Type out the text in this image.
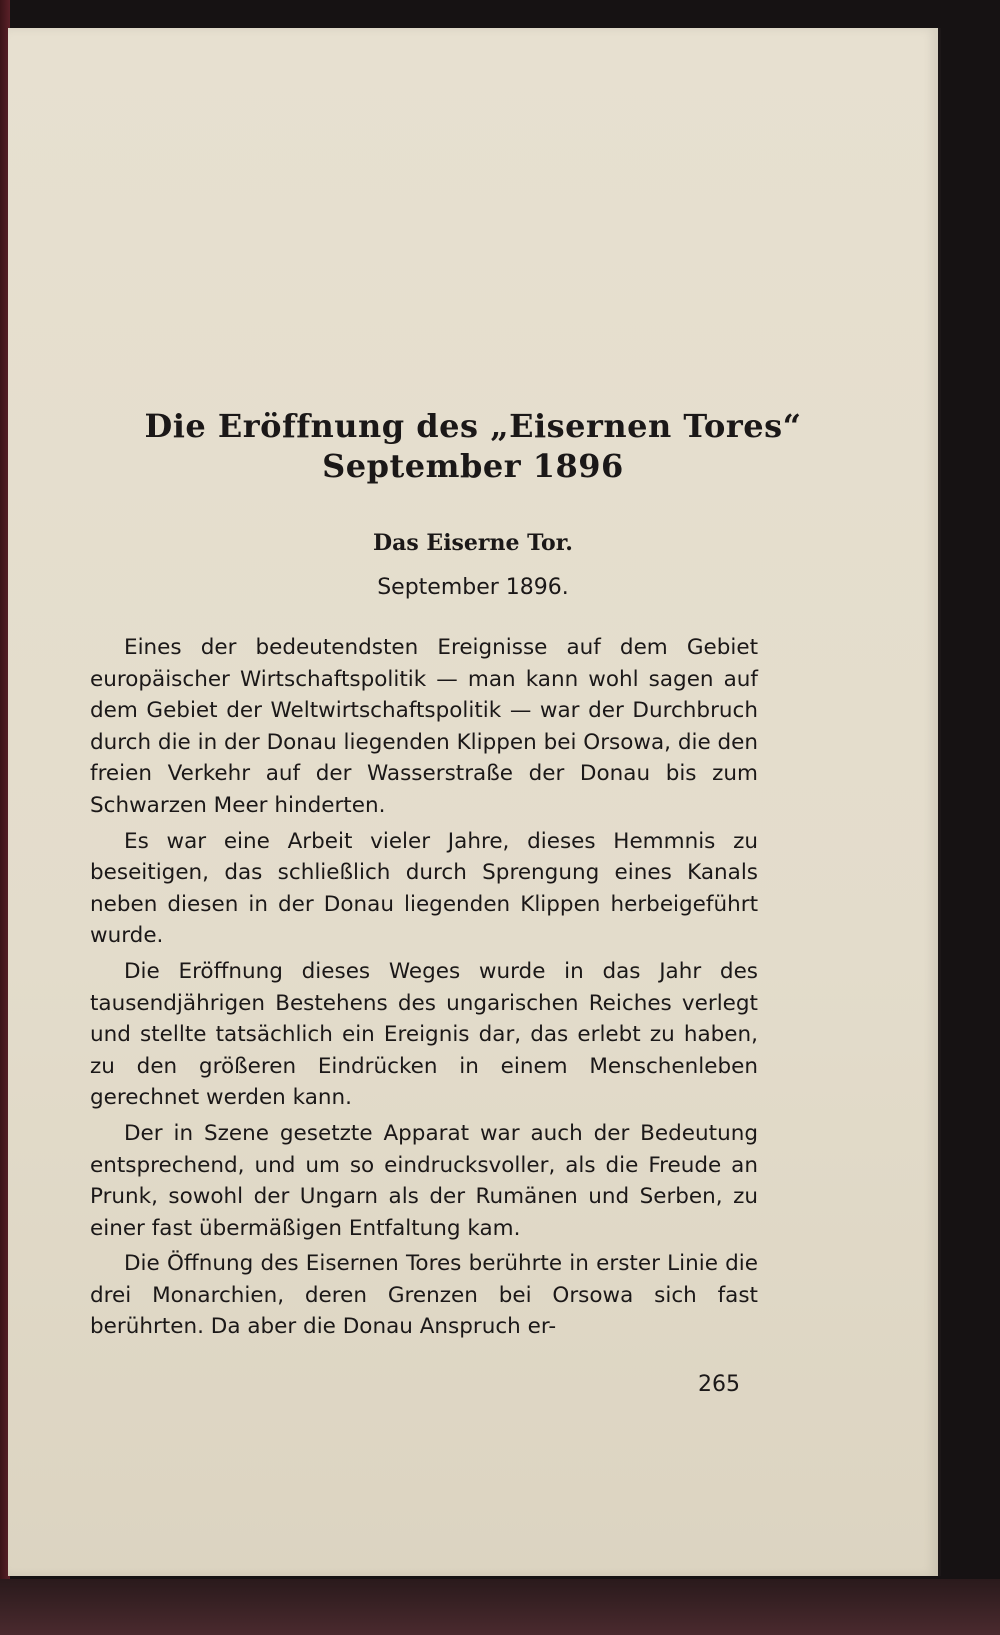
Die Eröffnung des „Eisernen Tores“
September 1896
Das Eiserne Tor.

September 1896.

Eines der bedeutendsten Ereignisse auf dem Gebiet europäischer Wirtschaftspolitik — man kann wohl sagen auf dem Gebiet der Weltwirtschaftspolitik — war der Durchbruch durch die in der Donau liegenden Klippen bei Orsowa, die den freien Verkehr auf der Wasserstraße der Donau bis zum Schwarzen Meer hinderten.

Es war eine Arbeit vieler Jahre, dieses Hemmnis zu beseitigen, das schließlich durch Sprengung eines Kanals neben diesen in der Donau liegenden Klippen herbeigeführt wurde.

Die Eröffnung dieses Weges wurde in das Jahr des tausendjährigen Bestehens des ungarischen Reiches verlegt und stellte tatsächlich ein Ereignis dar, das erlebt zu haben, zu den größeren Eindrücken in einem Menschenleben gerechnet werden kann.

Der in Szene gesetzte Apparat war auch der Bedeutung entsprechend, und um so eindrucksvoller, als die Freude an Prunk, sowohl der Ungarn als der Rumänen und Serben, zu einer fast übermäßigen Entfaltung kam.

Die Öffnung des Eisernen Tores berührte in erster Linie die drei Monarchien, deren Grenzen bei Orsowa sich fast berührten. Da aber die Donau Anspruch er-

265
